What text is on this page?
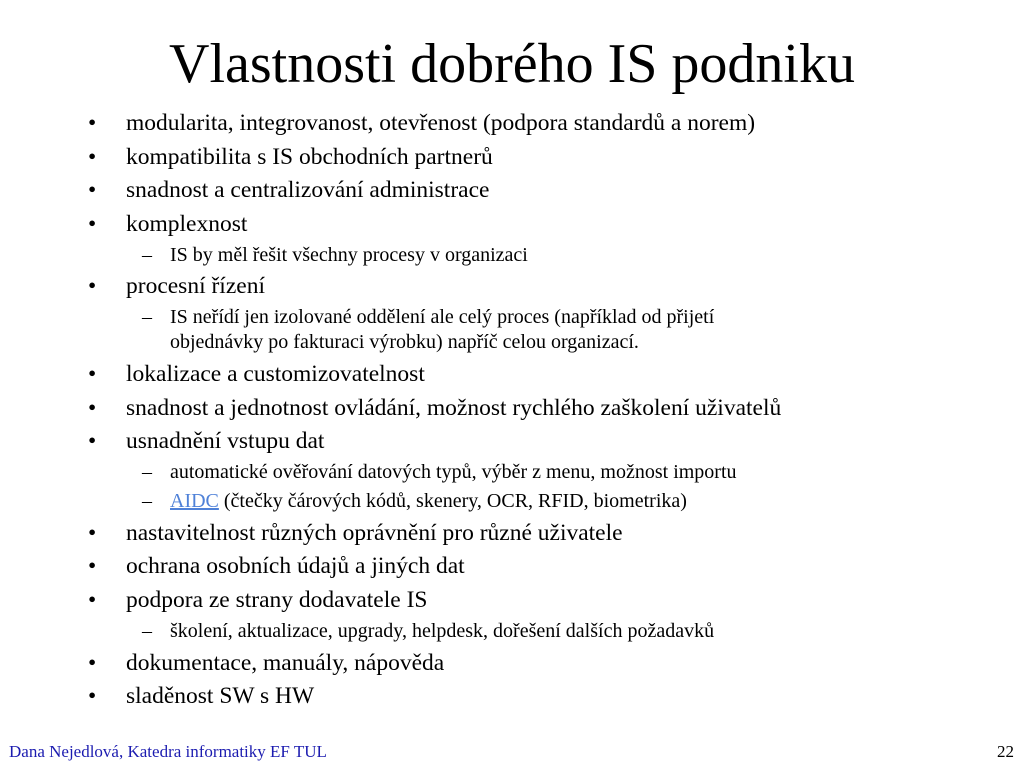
Vlastnosti dobrého IS podniku
• modularita, integrovanost, otevřenost (podpora standardů a norem)
• kompatibilita s IS obchodních partnerů
• snadnost a centralizování administrace
• komplexnost
– IS by měl řešit všechny procesy v organizaci
• procesní řízení
– IS neřídí jen izolované oddělení ale celý proces (například od přijetí
objednávky po fakturaci výrobku) napříč celou organizací.
• lokalizace a customizovatelnost
• snadnost a jednotnost ovládání, možnost rychlého zaškolení uživatelů
• usnadnění vstupu dat
– automatické ověřování datových typů, výběr z menu, možnost importu
– AIDC (čtečky čárových kódů, skenery, OCR, RFID, biometrika)
• nastavitelnost různých oprávnění pro různé uživatele
• ochrana osobních údajů a jiných dat
• podpora ze strany dodavatele IS
– školení, aktualizace, upgrady, helpdesk, dořešení dalších požadavků
• dokumentace, manuály, nápověda
• sladěnost SW s HW
Dana Nejedlová, Katedra informatiky EF TUL	22
